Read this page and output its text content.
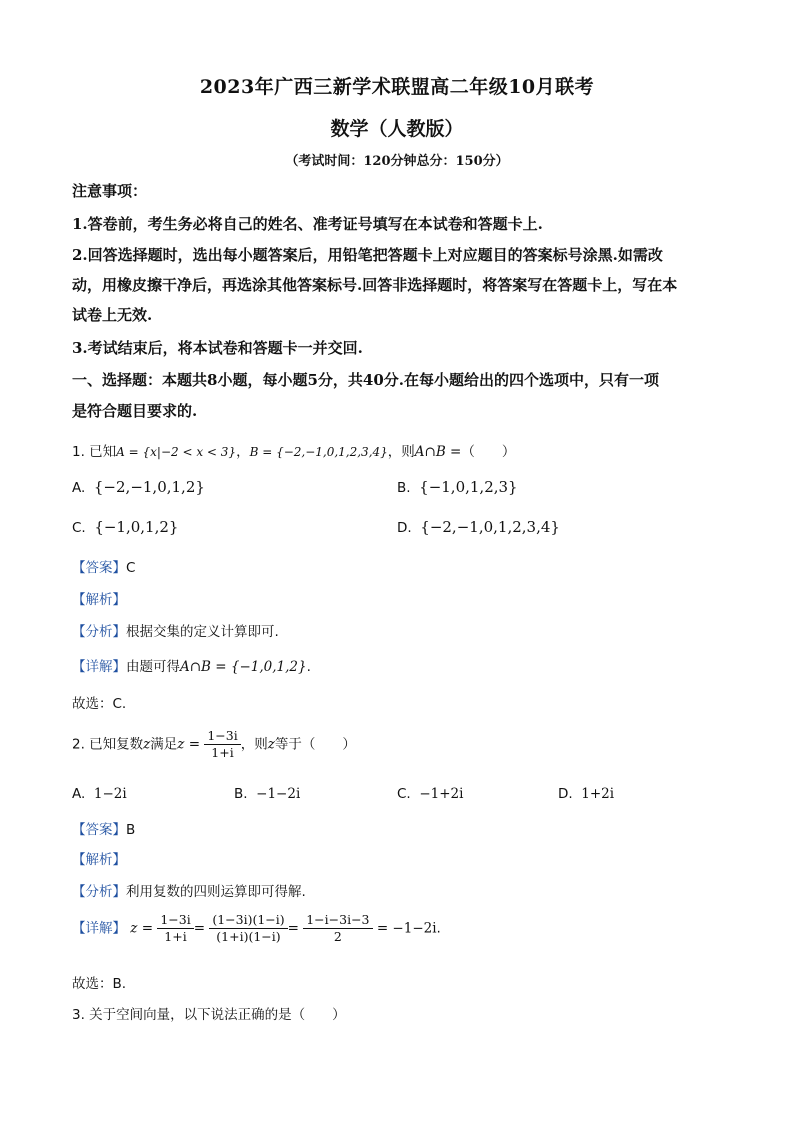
2023年广西三新学术联盟高二年级10月联考
数学（人教版）
（考试时间：120分钟总分：150分）
注意事项：
1.答卷前，考生务必将自己的姓名、准考证号填写在本试卷和答题卡上.
2.回答选择题时，选出每小题答案后，用铅笔把答题卡上对应题目的答案标号涂黑.如需改
动，用橡皮擦干净后，再选涂其他答案标号.回答非选择题时，将答案写在答题卡上，写在本
试卷上无效.
3.考试结束后，将本试卷和答题卡一并交回.
一、选择题：本题共8小题，每小题5分，共40分.在每小题给出的四个选项中，只有一项
是符合题目要求的.
1. 已知A = {x|−2 < x < 3}，B = {−2,−1,0,1,2,3,4}，则A∩B =（　　）
A. {−2,−1,0,1,2}	B. {−1,0,1,2,3}
C. {−1,0,1,2}	D. {−2,−1,0,1,2,3,4}
【答案】C
【解析】
【分析】根据交集的定义计算即可.
【详解】由题可得A∩B = {−1,0,1,2}.
故选：C.
2. 已知复数z满足$z = \frac{1-3i}{1+i}$ ，则z等于（　　）
A. 1−2i	B. −1−2i	C. −1+2i	D. 1+2i
【答案】B
【解析】
【分析】利用复数的四则运算即可得解.
【详解】 $z = \frac{1-3i}{1+i} = \frac{(1-3i)(1-i)}{(1+i)(1-i)} = \frac{1-i-3i-3}{2} = -1-2i$.
故选：B.
3. 关于空间向量，以下说法正确的是（　　）
